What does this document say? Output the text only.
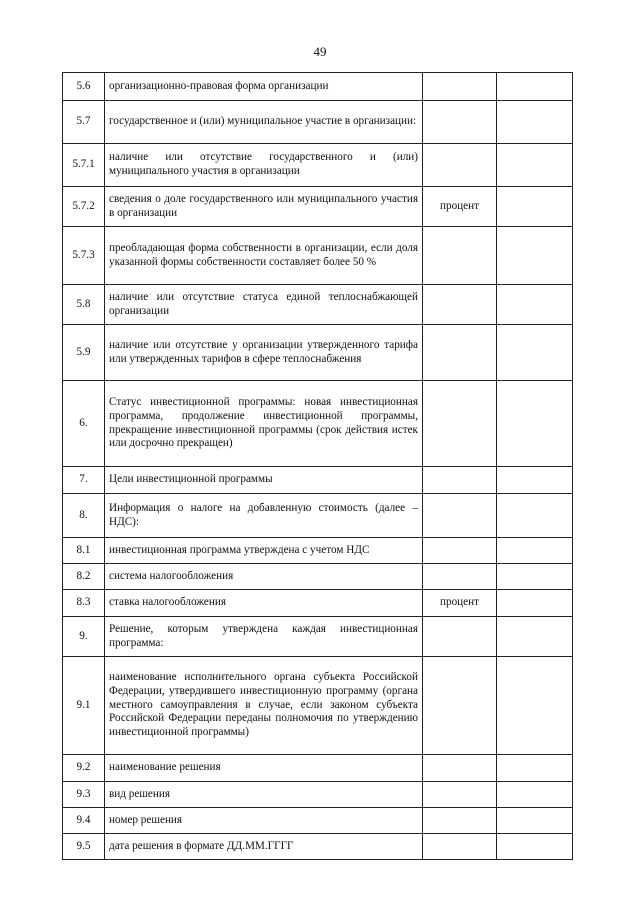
49
5.6	организационно-правовая форма организации		
5.7	государственное и (или) муниципальное участие в организации:		
5.7.1	наличие или отсутствие государственного и (или) муниципального участия в организации		
5.7.2	сведения о доле государственного или муниципального участия в организации	процент	
5.7.3	преобладающая форма собственности в организации, если доля указанной формы собственности составляет более 50 %		
5.8	наличие или отсутствие статуса единой теплоснабжающей организации		
5.9	наличие или отсутствие у организации утвержденного тарифа или утвержденных тарифов в сфере теплоснабжения		
6.	Статус инвестиционной программы: новая инвестиционная программа, продолжение инвестиционной программы, прекращение инвестиционной программы (срок действия истек или досрочно прекращен)		
7.	Цели инвестиционной программы		
8.	Информация о налоге на добавленную стоимость (далее – НДС):		
8.1	инвестиционная программа утверждена с учетом НДС		
8.2	система налогообложения		
8.3	ставка налогообложения	процент	
9.	Решение, которым утверждена каждая инвестиционная программа:		
9.1	наименование исполнительного органа субъекта Российской Федерации, утвердившего инвестиционную программу (органа местного самоуправления в случае, если законом субъекта Российской Федерации переданы полномочия по утверждению инвестиционной программы)		
9.2	наименование решения		
9.3	вид решения		
9.4	номер решения		
9.5	дата решения в формате ДД.ММ.ГГГГ		
